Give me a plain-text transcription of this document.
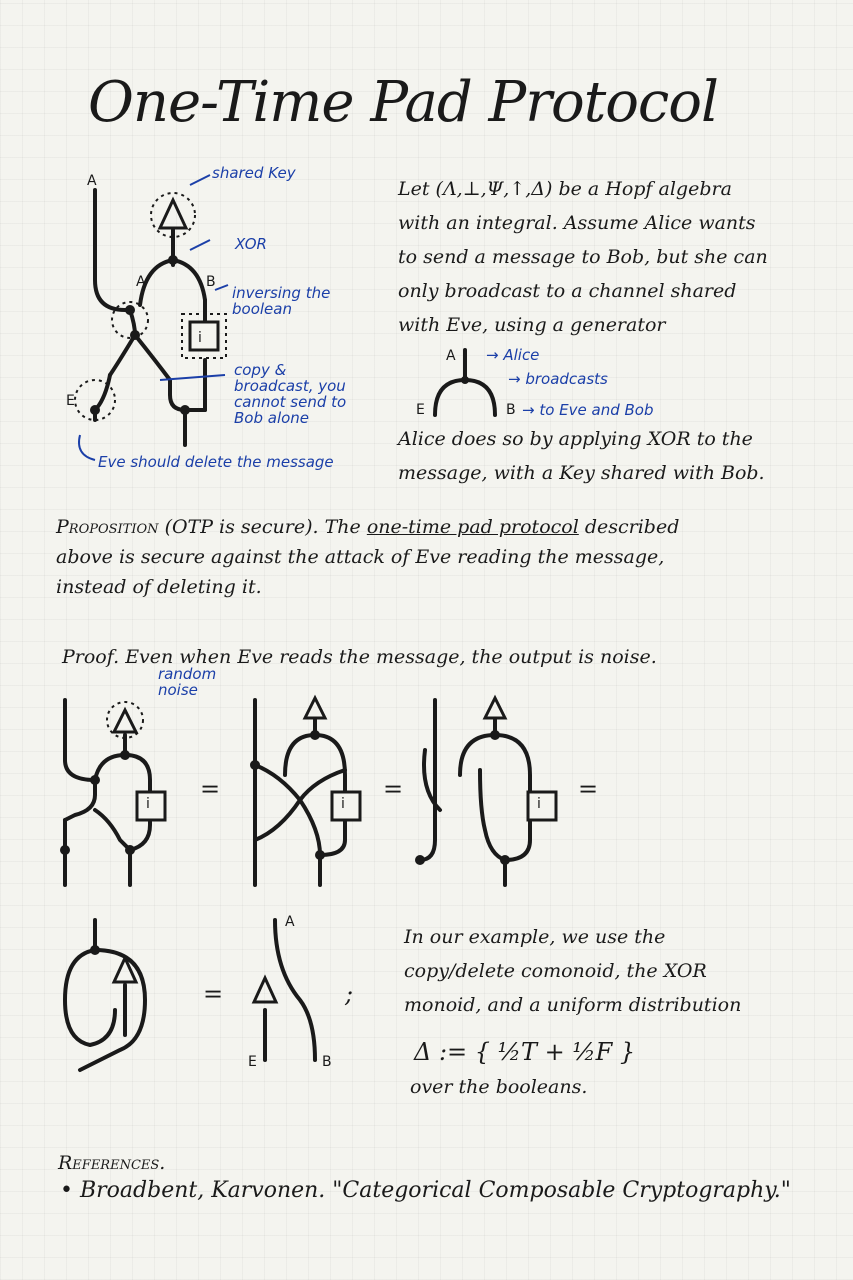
One-Time Pad Protocol
A
A	B
E
i
shared Key
XOR
inversing the boolean
copy & broadcast, you cannot send to Bob alone
Eve should delete the message
Let (Λ,⊥,Ψ,↑,Δ) be a Hopf algebra
with an integral. Assume Alice wants
to send a message to Bob, but she can
only broadcast to a channel shared
with Eve, using a generator
A
E	B
→ Alice
→ broadcasts
→ to Eve and Bob
Alice does so by applying XOR to the
message, with a Key shared with Bob.
Proposition (OTP is secure). The one-time pad protocol described
above is secure against the attack of Eve reading the message,
instead of deleting it.
Proof. Even when Eve reads the message, the output is noise.
random noise
i	i	i
=	=	=
=	;
A
E	B
In our example, we use the
copy/delete comonoid, the XOR
monoid, and a uniform distribution
Δ := { ½T + ½F }
over the booleans.
References.
• Broadbent, Karvonen. "Categorical Composable Cryptography."
